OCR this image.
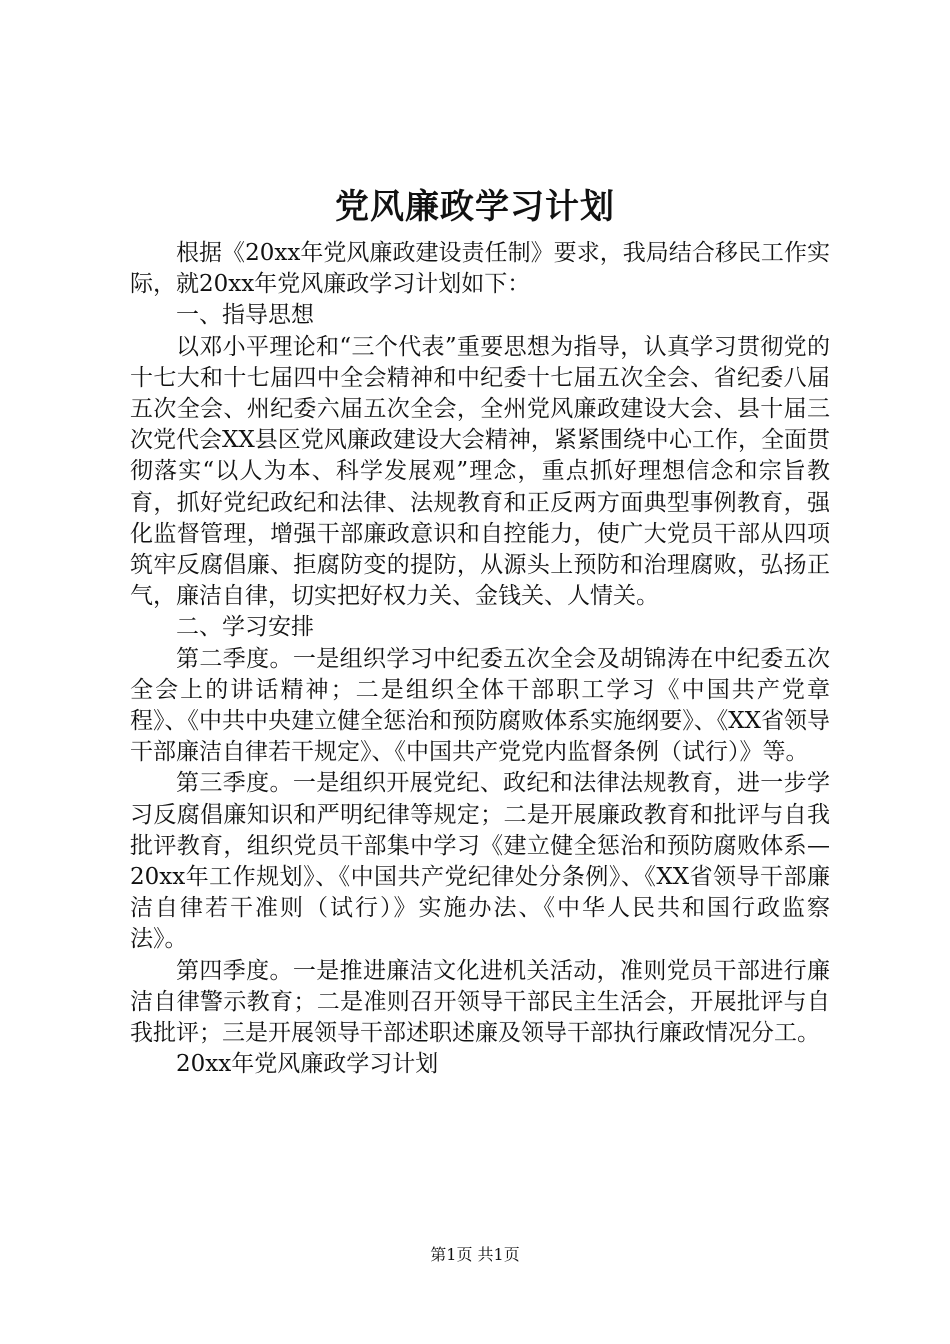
党风廉政学习计划

根据《20xx年党风廉政建设责任制》要求，我局结合移民工作实际，就20xx年党风廉政学习计划如下：

一、指导思想

以邓小平理论和“三个代表”重要思想为指导，认真学习贯彻党的十七大和十七届四中全会精神和中纪委十七届五次全会、省纪委八届五次全会、州纪委六届五次全会，全州党风廉政建设大会、县十届三次党代会XX县区党风廉政建设大会精神，紧紧围绕中心工作，全面贯彻落实“以人为本、科学发展观”理念，重点抓好理想信念和宗旨教育，抓好党纪政纪和法律、法规教育和正反两方面典型事例教育，强化监督管理，增强干部廉政意识和自控能力，使广大党员干部从四项筑牢反腐倡廉、拒腐防变的提防，从源头上预防和治理腐败，弘扬正气，廉洁自律，切实把好权力关、金钱关、人情关。

二、学习安排

第二季度。一是组织学习中纪委五次全会及胡锦涛在中纪委五次全会上的讲话精神；二是组织全体干部职工学习《中国共产党章程》、《中共中央建立健全惩治和预防腐败体系实施纲要》、《XX省领导干部廉洁自律若干规定》、《中国共产党党内监督条例（试行）》等。

第三季度。一是组织开展党纪、政纪和法律法规教育，进一步学习反腐倡廉知识和严明纪律等规定；二是开展廉政教育和批评与自我批评教育，组织党员干部集中学习《建立健全惩治和预防腐败体系—20xx年工作规划》、《中国共产党纪律处分条例》、《XX省领导干部廉洁自律若干准则（试行）》实施办法、《中华人民共和国行政监察法》。

第四季度。一是推进廉洁文化进机关活动，准则党员干部进行廉洁自律警示教育；二是准则召开领导干部民主生活会，开展批评与自我批评；三是开展领导干部述职述廉及领导干部执行廉政情况分工。

20xx年党风廉政学习计划

第1页 共1页
